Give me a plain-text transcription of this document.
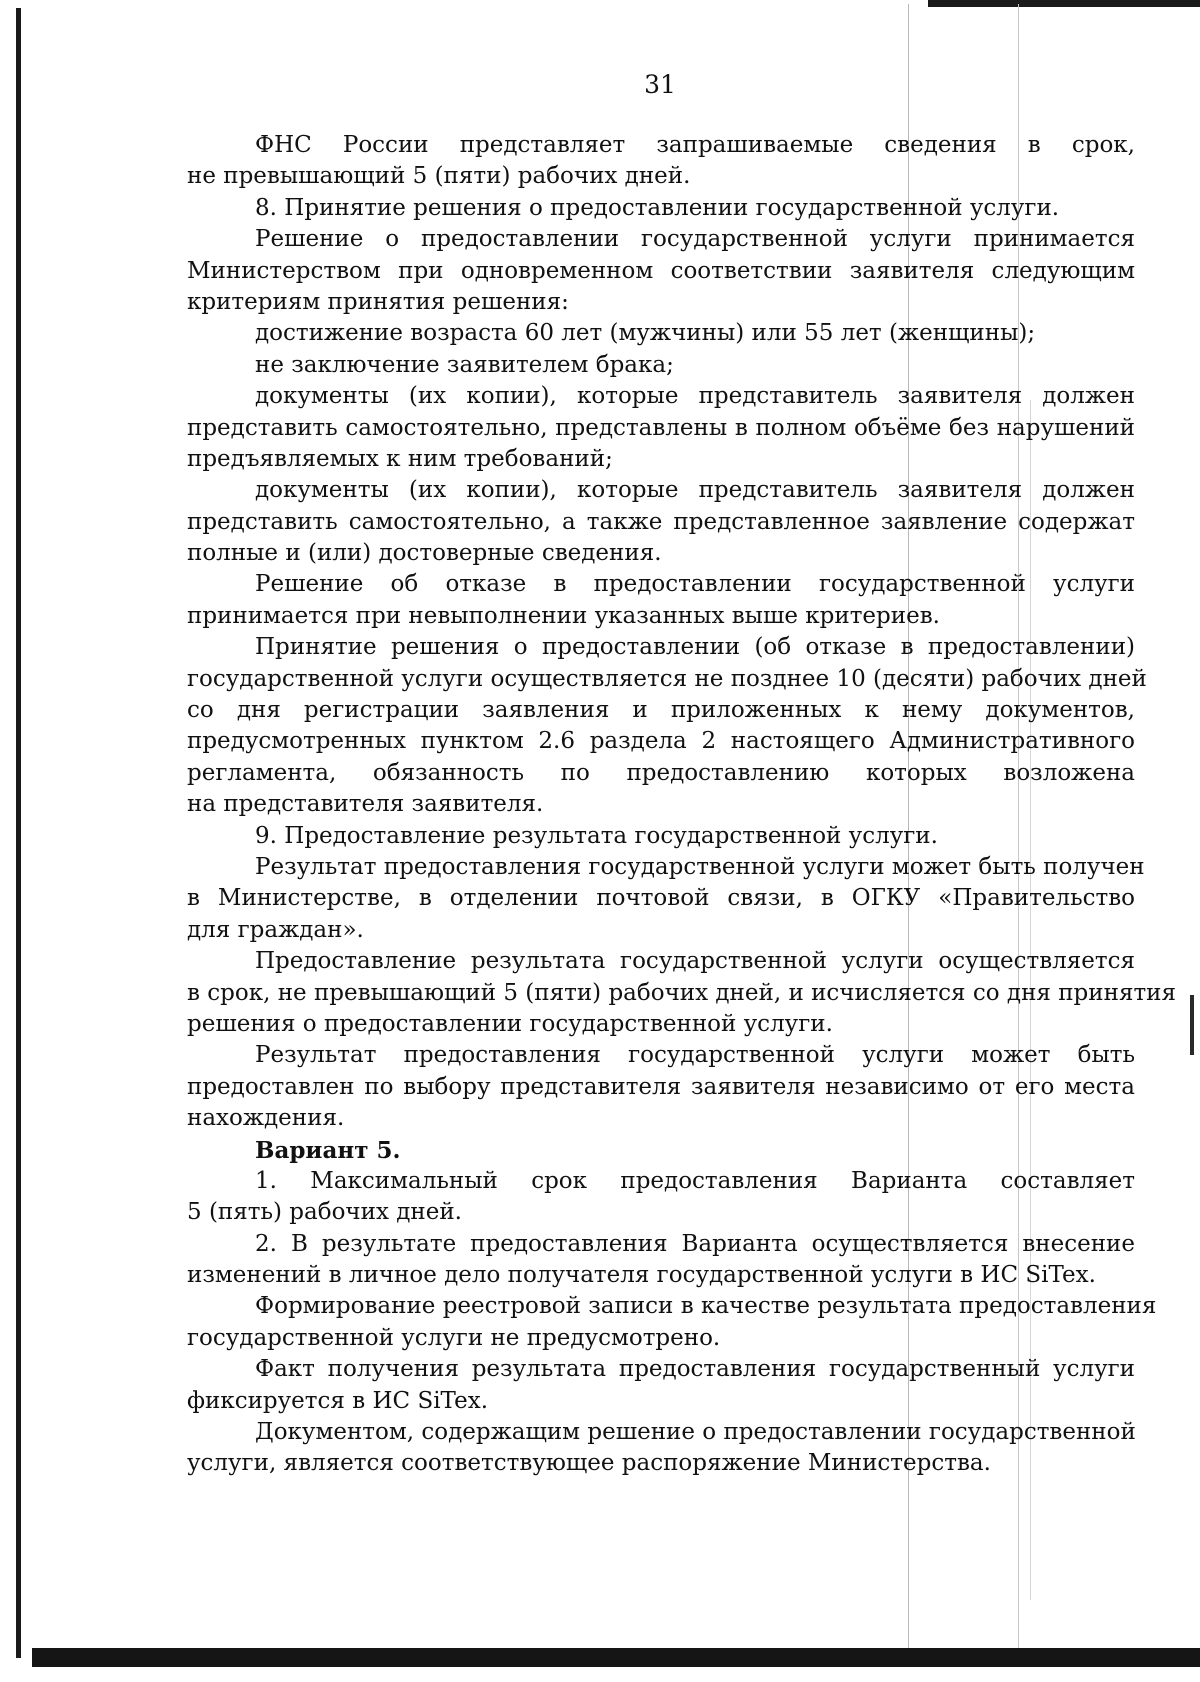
31
ФНС России представляет запрашиваемые сведения в срок,
не превышающий 5 (пяти) рабочих дней.
8. Принятие решения о предоставлении государственной услуги.
Решение о предоставлении государственной услуги принимается
Министерством при одновременном соответствии заявителя следующим
критериям принятия решения:
достижение возраста 60 лет (мужчины) или 55 лет (женщины);
не заключение заявителем брака;
документы (их копии), которые представитель заявителя должен
представить самостоятельно, представлены в полном объёме без нарушений
предъявляемых к ним требований;
документы (их копии), которые представитель заявителя должен
представить самостоятельно, а также представленное заявление содержат
полные и (или) достоверные сведения.
Решение об отказе в предоставлении государственной услуги
принимается при невыполнении указанных выше критериев.
Принятие решения о предоставлении (об отказе в предоставлении)
государственной услуги осуществляется не позднее 10 (десяти) рабочих дней
со дня регистрации заявления и приложенных к нему документов,
предусмотренных пунктом 2.6 раздела 2 настоящего Административного
регламента, обязанность по предоставлению которых возложена
на представителя заявителя.
9. Предоставление результата государственной услуги.
Результат предоставления государственной услуги может быть получен
в Министерстве, в отделении почтовой связи, в ОГКУ «Правительство
для граждан».
Предоставление результата государственной услуги осуществляется
в срок, не превышающий 5 (пяти) рабочих дней, и исчисляется со дня принятия
решения о предоставлении государственной услуги.
Результат предоставления государственной услуги может быть
предоставлен по выбору представителя заявителя независимо от его места
нахождения.
Вариант 5.
1. Максимальный срок предоставления Варианта составляет
5 (пять) рабочих дней.
2. В результате предоставления Варианта осуществляется внесение
изменений в личное дело получателя государственной услуги в ИС SiTex.
Формирование реестровой записи в качестве результата предоставления
государственной услуги не предусмотрено.
Факт получения результата предоставления государственный услуги
фиксируется в ИС SiTex.
Документом, содержащим решение о предоставлении государственной
услуги, является соответствующее распоряжение Министерства.
